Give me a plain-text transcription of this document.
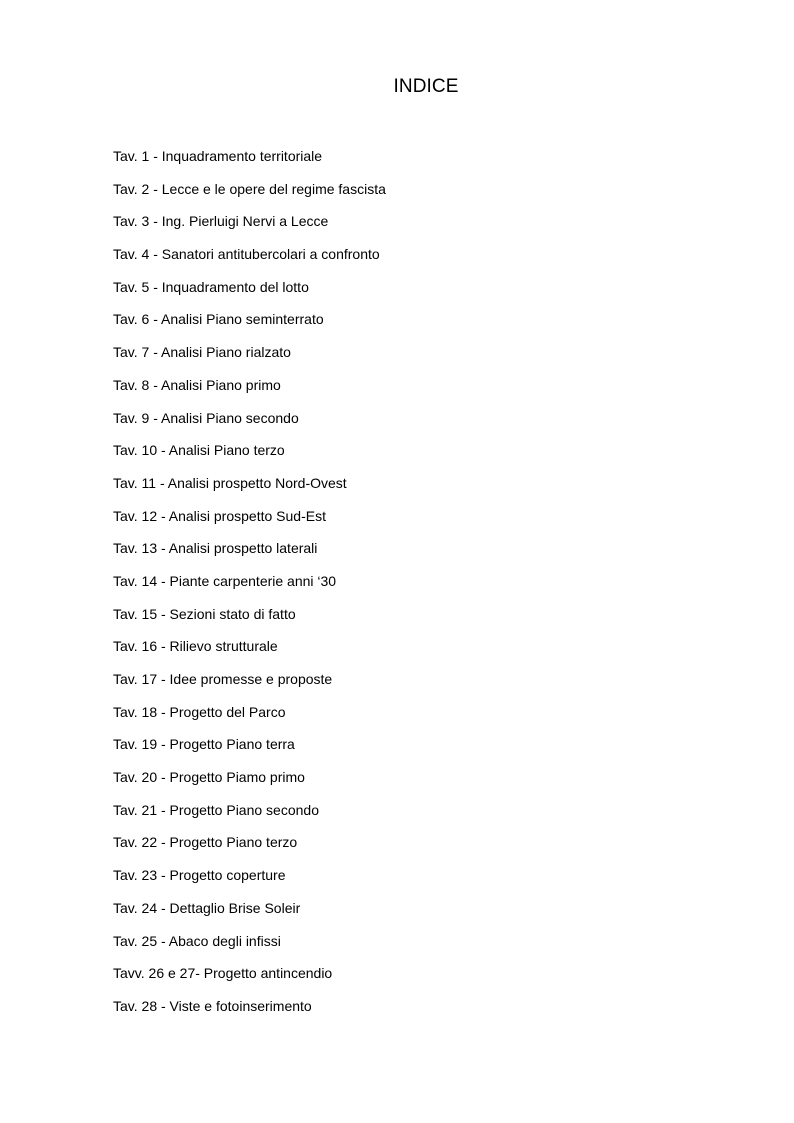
INDICE
Tav. 1 - Inquadramento territoriale
Tav. 2 - Lecce e le opere del regime fascista
Tav. 3 - Ing. Pierluigi Nervi a Lecce
Tav. 4 - Sanatori antitubercolari a confronto
Tav. 5 - Inquadramento del lotto
Tav. 6 - Analisi Piano seminterrato
Tav. 7 - Analisi Piano rialzato
Tav. 8 - Analisi Piano primo
Tav. 9 - Analisi Piano secondo
Tav. 10 - Analisi Piano terzo
Tav. 11 - Analisi prospetto Nord-Ovest
Tav. 12 - Analisi prospetto Sud-Est
Tav. 13 - Analisi prospetto laterali
Tav. 14 - Piante carpenterie anni ‘30
Tav. 15 - Sezioni stato di fatto
Tav. 16 - Rilievo strutturale
Tav. 17 - Idee promesse e proposte
Tav. 18 - Progetto del Parco
Tav. 19 - Progetto Piano terra
Tav. 20 - Progetto Piamo primo
Tav. 21 - Progetto Piano secondo
Tav. 22 - Progetto Piano terzo
Tav. 23 - Progetto coperture
Tav. 24 - Dettaglio Brise Soleir
Tav. 25 - Abaco degli infissi
Tavv. 26 e 27- Progetto antincendio
Tav. 28 - Viste e fotoinserimento
